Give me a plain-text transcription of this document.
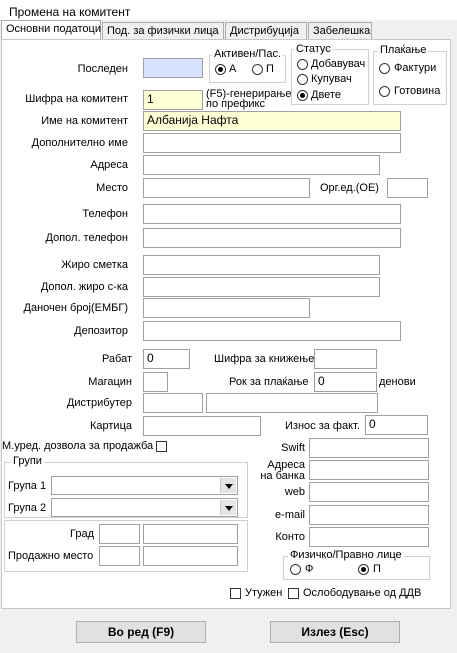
Промена на комитент
Основни податоци Под. за физички лица	Дистрибуција	Забелешка
Последен
Активен/Пас.
А	П
Статус
Добавувач
Купувач
Двете
Плаќање
Фактури
Готовина
Шифра на комитент	1	(F5)-генерирање
по префикс
Име на комитент	Албанија Нафта
Дополнително име
Адреса
Место	Орг.ед.(ОЕ)
Телефон
Допол. телефон
Жиро сметка
Допол. жиро с-ка
Даночен број(ЕМБГ)
Депозитор
Рабат	0	Шифра за книжење
Магацин	Рок за плаќање 0	денови
Дистрибутер
Картица	Износ за факт. 0
М.уред. дозвола за продажба
Групи
Група 1
Група 2
Swift
Адреса
на банка
web
e-mail
Конто
Град
Продажно место	Физичко/Правно лице
Ф	П
Утужен Ослободување од ДДВ
Во ред (F9)	Излез (Esc)
